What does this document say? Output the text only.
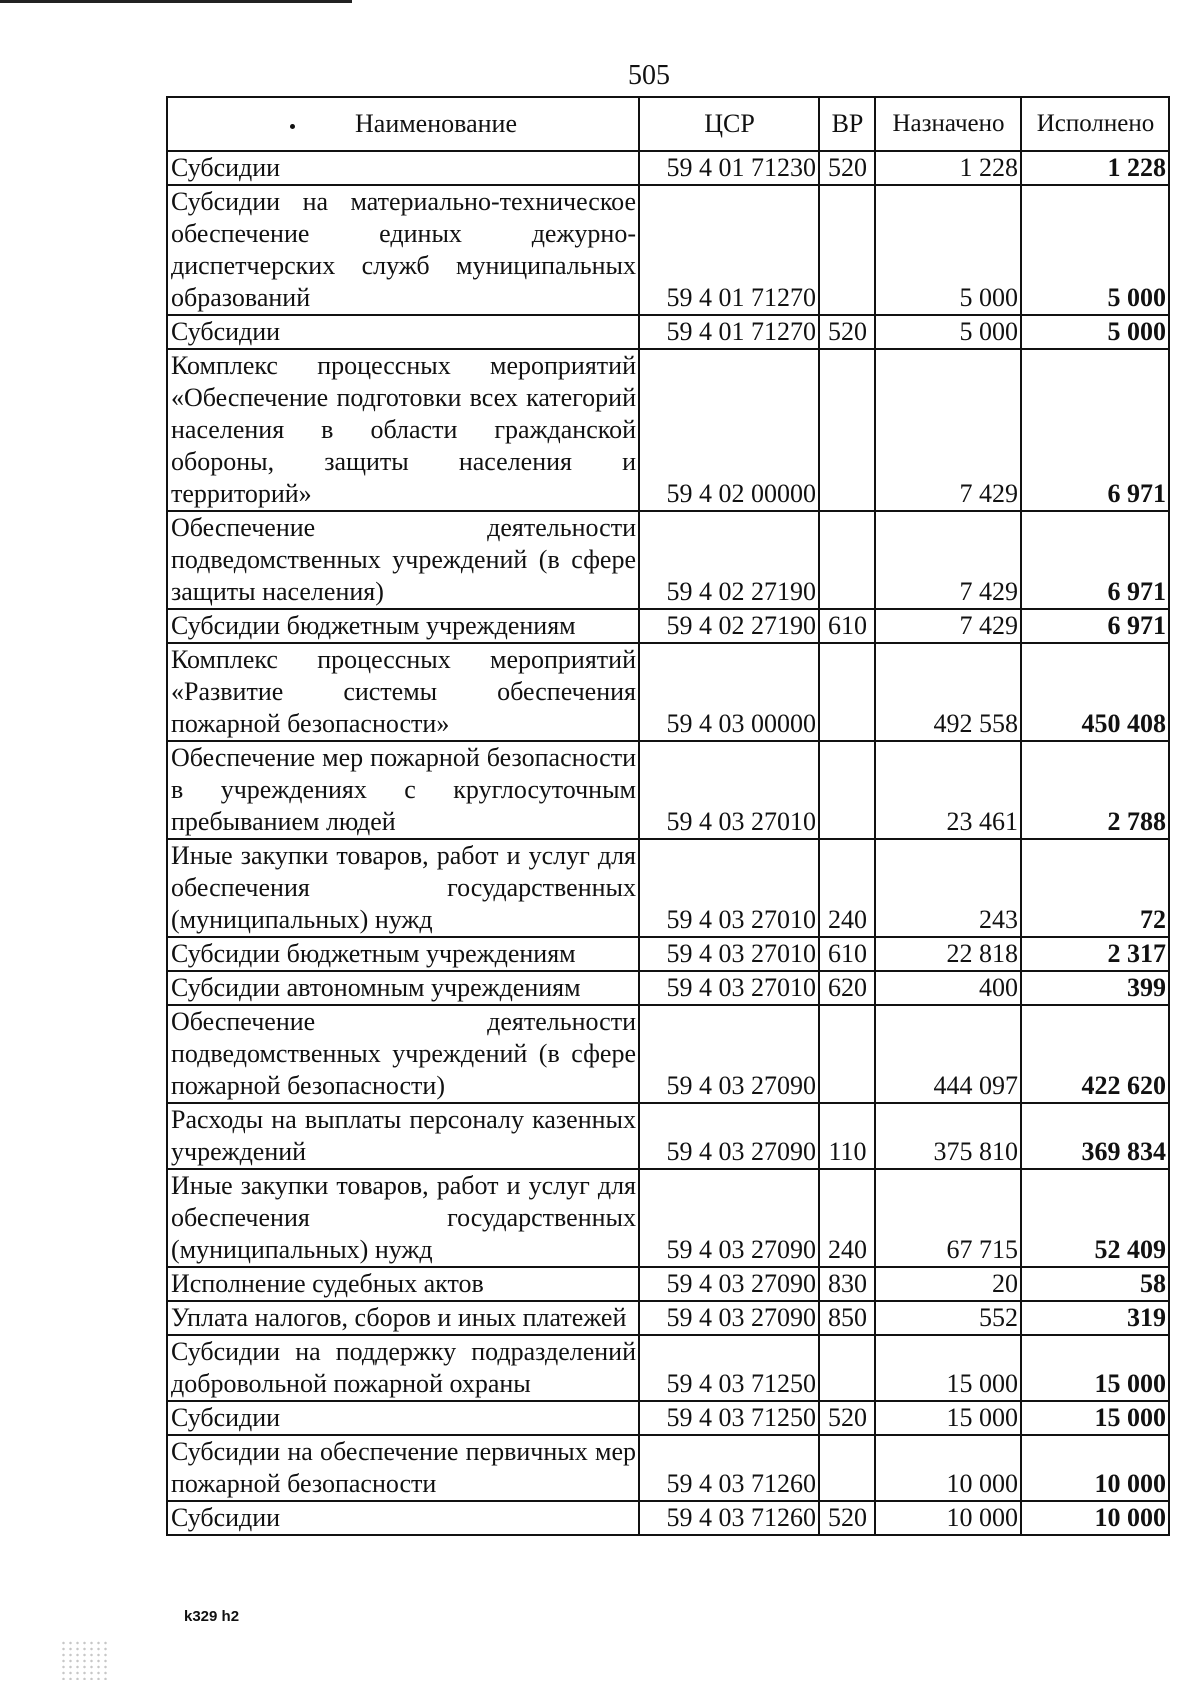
505
Наименование	ЦСР	ВР	Назначено	Исполнено
Субсидии	59 4 01 71230	520	1 228	1 228
Субсидии на материально-техническое обеспечение единых дежурно-диспетчерских служб муниципальных образований	59 4 01 71270		5 000	5 000
Субсидии	59 4 01 71270	520	5 000	5 000
Комплекс процессных мероприятий «Обеспечение подготовки всех категорий населения в области гражданской обороны, защиты населения и территорий»	59 4 02 00000		7 429	6 971
Обеспечение деятельности подведомственных учреждений (в сфере защиты населения)	59 4 02 27190		7 429	6 971
Субсидии бюджетным учреждениям	59 4 02 27190	610	7 429	6 971
Комплекс процессных мероприятий «Развитие системы обеспечения пожарной безопасности»	59 4 03 00000		492 558	450 408
Обеспечение мер пожарной безопасности в учреждениях с круглосуточным пребыванием людей	59 4 03 27010		23 461	2 788
Иные закупки товаров, работ и услуг для обеспечения государственных (муниципальных) нужд	59 4 03 27010	240	243	72
Субсидии бюджетным учреждениям	59 4 03 27010	610	22 818	2 317
Субсидии автономным учреждениям	59 4 03 27010	620	400	399
Обеспечение деятельности подведомственных учреждений (в сфере пожарной безопасности)	59 4 03 27090		444 097	422 620
Расходы на выплаты персоналу казенных учреждений	59 4 03 27090	110	375 810	369 834
Иные закупки товаров, работ и услуг для обеспечения государственных (муниципальных) нужд	59 4 03 27090	240	67 715	52 409
Исполнение судебных актов	59 4 03 27090	830	20	58
Уплата налогов, сборов и иных платежей	59 4 03 27090	850	552	319
Субсидии на поддержку подразделений добровольной пожарной охраны	59 4 03 71250		15 000	15 000
Субсидии	59 4 03 71250	520	15 000	15 000
Субсидии на обеспечение первичных мер пожарной безопасности	59 4 03 71260		10 000	10 000
Субсидии	59 4 03 71260	520	10 000	10 000
k329 h2
